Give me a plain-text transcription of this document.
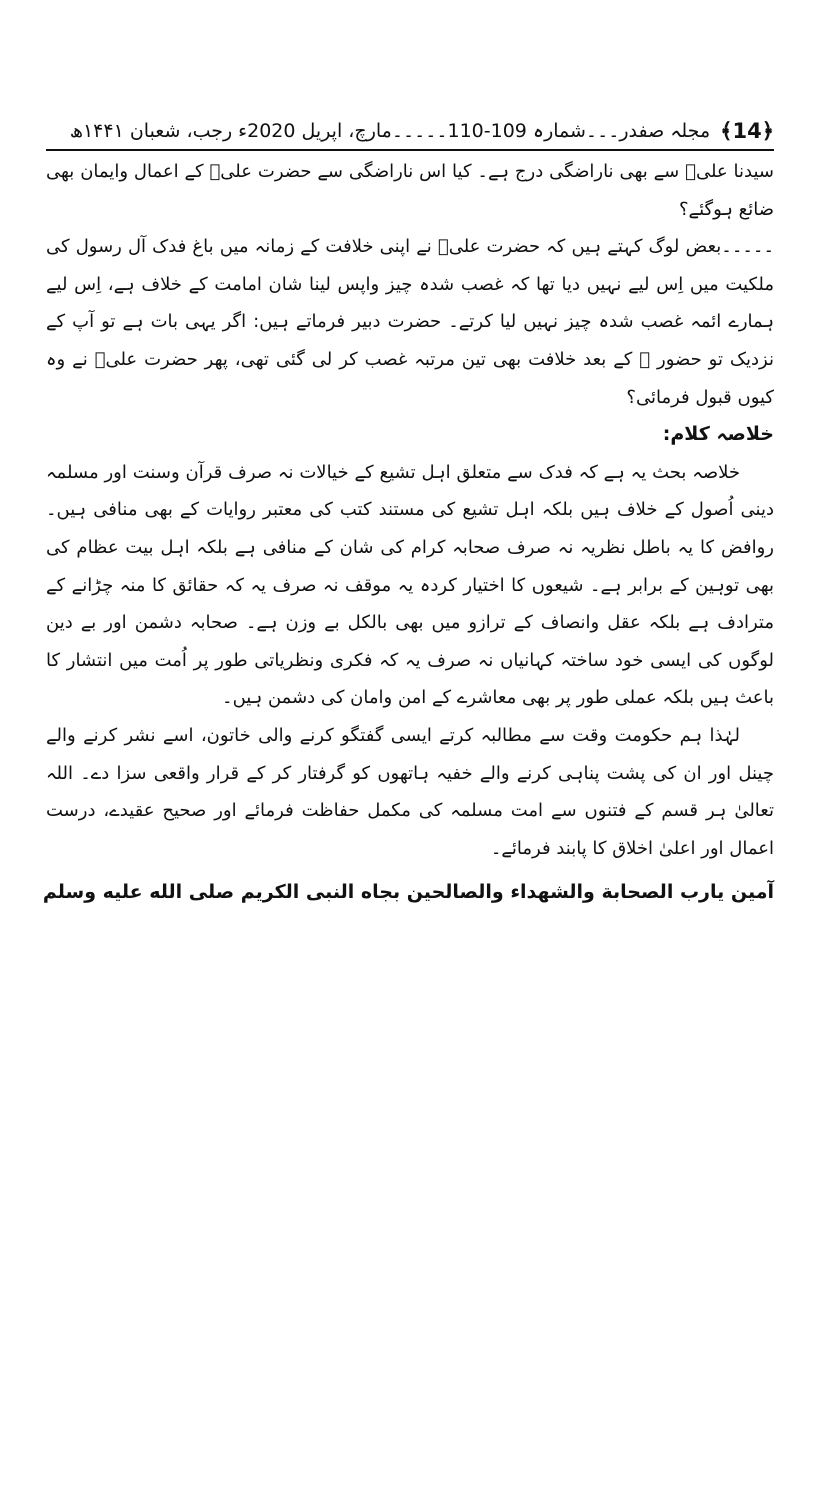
﴿14﴾
مجلہ صفدر۔۔۔شمارہ 109-110۔۔۔۔۔مارچ، اپریل 2020ء رجب، شعبان ۱۴۴۱ھ

سیدنا علیؓ سے بھی ناراضگی درج ہے۔ کیا اس ناراضگی سے حضرت علیؓ کے اعمال وایمان بھی ضائع ہوگئے؟

۔۔۔۔۔بعض لوگ کہتے ہیں کہ حضرت علیؓ نے اپنی خلافت کے زمانہ میں باغ فدک آل رسول کی ملکیت میں اِس لیے نہیں دیا تھا کہ غصب شدہ چیز واپس لینا شان امامت کے خلاف ہے، اِس لیے ہمارے ائمہ غصب شدہ چیز نہیں لیا کرتے۔ حضرت دبیر فرماتے ہیں: اگر یہی بات ہے تو آپ کے نزدیک تو حضور ﷺ کے بعد خلافت بھی تین مرتبہ غصب کر لی گئی تھی، پھر حضرت علیؓ نے وہ کیوں قبول فرمائی؟

خلاصہ کلام:

خلاصہ بحث یہ ہے کہ فدک سے متعلق اہل تشیع کے خیالات نہ صرف قرآن وسنت اور مسلمہ دینی اُصول کے خلاف ہیں بلکہ اہل تشیع کی مستند کتب کی معتبر روایات کے بھی منافی ہیں۔ روافض کا یہ باطل نظریہ نہ صرف صحابہ کرام کی شان کے منافی ہے بلکہ اہل بیت عظام کی بھی توہین کے برابر ہے۔ شیعوں کا اختیار کردہ یہ موقف نہ صرف یہ کہ حقائق کا منہ چڑانے کے مترادف ہے بلکہ عقل وانصاف کے ترازو میں بھی بالکل بے وزن ہے۔ صحابہ دشمن اور بے دین لوگوں کی ایسی خود ساختہ کہانیاں نہ صرف یہ کہ فکری ونظریاتی طور پر اُمت میں انتشار کا باعث ہیں بلکہ عملی طور پر بھی معاشرے کے امن وامان کی دشمن ہیں۔

لہٰذا ہم حکومت وقت سے مطالبہ کرتے ایسی گفتگو کرنے والی خاتون، اسے نشر کرنے والے چینل اور ان کی پشت پناہی کرنے والے خفیہ ہاتھوں کو گرفتار کر کے قرار واقعی سزا دے۔ اللہ تعالیٰ ہر قسم کے فتنوں سے امت مسلمہ کی مکمل حفاظت فرمائے اور صحیح عقیدے، درست اعمال اور اعلیٰ اخلاق کا پابند فرمائے۔

آمین یارب الصحابة والشهداء والصالحين بجاه النبی الکريم صلى الله عليه وسلم
